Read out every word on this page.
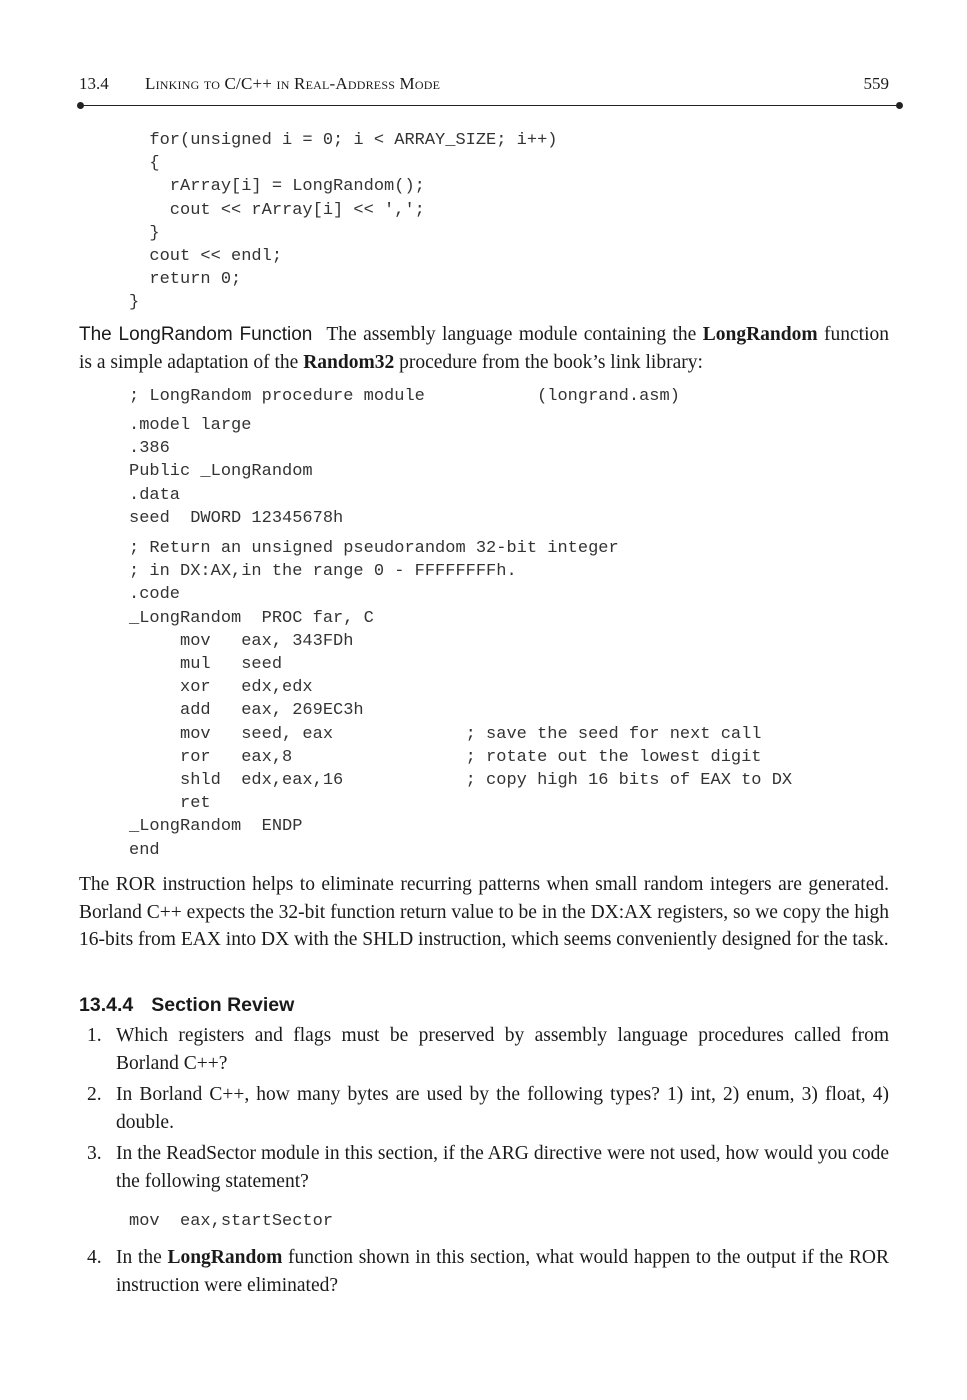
13.4 Linking to C/C++ in Real-Address Mode	559
for(unsigned i = 0; i < ARRAY_SIZE; i++)
{
rArray[i] = LongRandom();
cout << rArray[i] << ',';
}
cout << endl;
return 0;
}

The LongRandom Function The assembly language module containing the LongRandom function is a simple adaptation of the Random32 procedure from the book’s link library:

; LongRandom procedure module           (longrand.asm)
.model large
.386
Public _LongRandom
.data
seed  DWORD 12345678h
; Return an unsigned pseudorandom 32-bit integer
; in DX:AX,in the range 0 - FFFFFFFFh.
.code
_LongRandom  PROC far, C
mov   eax, 343FDh
mul   seed
xor   edx,edx
add   eax, 269EC3h
mov   seed, eax             ; save the seed for next call
ror   eax,8                 ; rotate out the lowest digit
shld  edx,eax,16            ; copy high 16 bits of EAX to DX
ret
_LongRandom  ENDP
end

The ROR instruction helps to eliminate recurring patterns when small random integers are generated. Borland C++ expects the 32-bit function return value to be in the DX:AX registers, so we copy the high 16-bits from EAX into DX with the SHLD instruction, which seems conveniently designed for the task.

13.4.4 Section Review
1. Which registers and flags must be preserved by assembly language procedures called from Borland C++?
2. In Borland C++, how many bytes are used by the following types? 1) int, 2) enum, 3) float, 4) double.
3. In the ReadSector module in this section, if the ARG directive were not used, how would you code the following statement?
4. In the LongRandom function shown in this section, what would happen to the output if the ROR instruction were eliminated?
mov  eax,startSector
